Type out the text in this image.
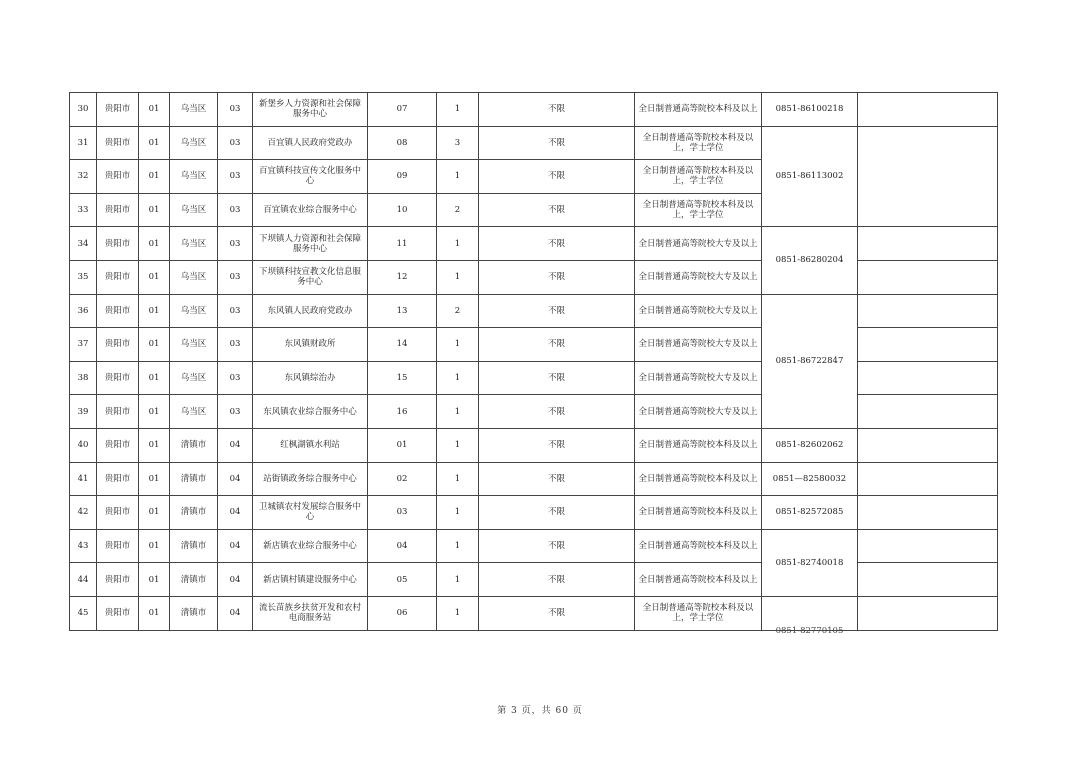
30	贵阳市	01	乌当区	03	新堡乡人力资源和社会保障服务中心	07	1	不限	全日制普通高等院校本科及以上	0851-86100218	
31	贵阳市	01	乌当区	03	百宜镇人民政府党政办	08	3	不限	全日制普通高等院校本科及以上，学士学位	0851-86113002	
32	贵阳市	01	乌当区	03	百宜镇科技宣传文化服务中心	09	1	不限	全日制普通高等院校本科及以上，学士学位		
33	贵阳市	01	乌当区	03	百宜镇农业综合服务中心	10	2	不限	全日制普通高等院校本科及以上，学士学位		
34	贵阳市	01	乌当区	03	下坝镇人力资源和社会保障服务中心	11	1	不限	全日制普通高等院校大专及以上	0851-86280204	
35	贵阳市	01	乌当区	03	下坝镇科技宣教文化信息服务中心	12	1	不限	全日制普通高等院校大专及以上		
36	贵阳市	01	乌当区	03	东风镇人民政府党政办	13	2	不限	全日制普通高等院校大专及以上	0851-86722847	
37	贵阳市	01	乌当区	03	东风镇财政所	14	1	不限	全日制普通高等院校大专及以上		
38	贵阳市	01	乌当区	03	东风镇综治办	15	1	不限	全日制普通高等院校大专及以上		
39	贵阳市	01	乌当区	03	东风镇农业综合服务中心	16	1	不限	全日制普通高等院校大专及以上		
40	贵阳市	01	清镇市	04	红枫湖镇水利站	01	1	不限	全日制普通高等院校本科及以上	0851-82602062	
41	贵阳市	01	清镇市	04	站街镇政务综合服务中心	02	1	不限	全日制普通高等院校本科及以上	0851—82580032	
42	贵阳市	01	清镇市	04	卫城镇农村发展综合服务中心	03	1	不限	全日制普通高等院校本科及以上	0851-82572085	
43	贵阳市	01	清镇市	04	新店镇农业综合服务中心	04	1	不限	全日制普通高等院校本科及以上	0851-82740018	
44	贵阳市	01	清镇市	04	新店镇村镇建设服务中心	05	1	不限	全日制普通高等院校本科及以上		
45	贵阳市	01	清镇市	04	流长苗族乡扶贫开发和农村电商服务站	06	1	不限	全日制普通高等院校本科及以上，学士学位	0851-82770105	

第 3 页，共 60 页
